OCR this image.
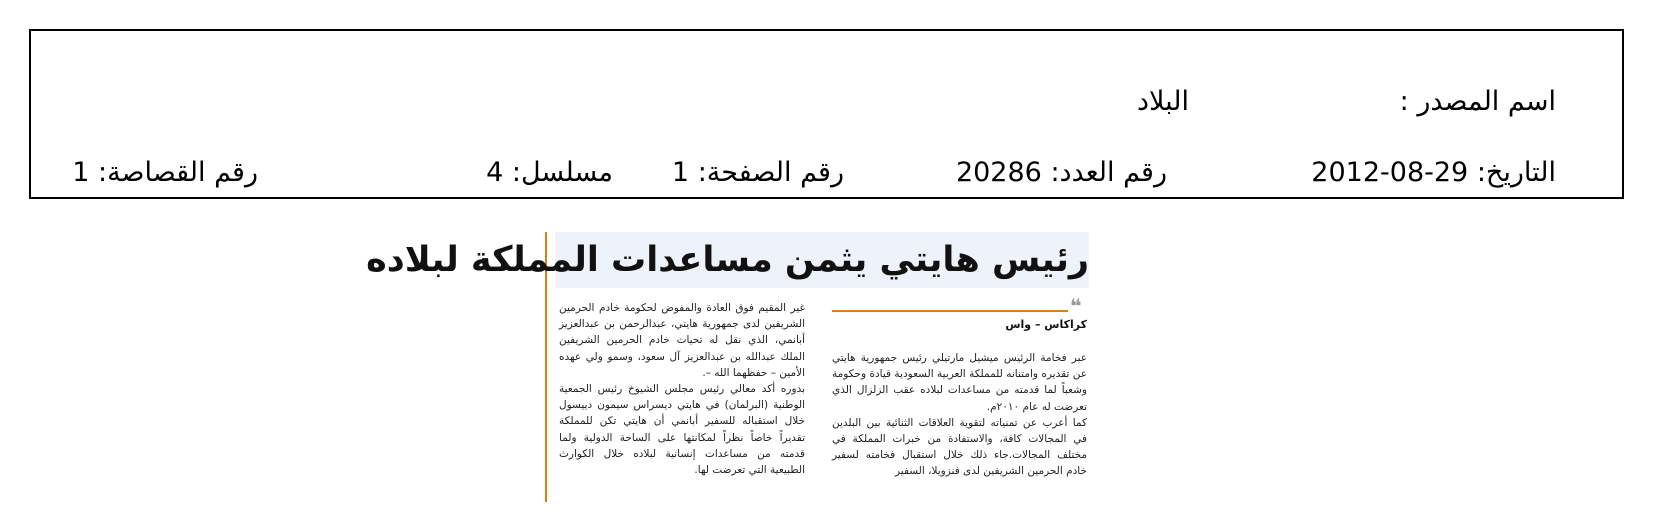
اسم المصدر :
البلاد
التاريخ: 29-08-2012
رقم العدد: 20286
رقم الصفحة: 1
مسلسل: 4
رقم القصاصة: 1
رئيس هايتي يثمن مساعدات المملكة لبلاده
❝
كراكاس – واس

عبر فخامة الرئيس ميشيل مارتيلي رئيس جمهورية هايتي عن تقديره وامتنانه للمملكة العربية السعودية قيادة وحكومة وشعباً لما قدمته من مساعدات لبلاده عقب الزلزال الذي تعرضت له عام ٢٠١٠م.

كما أعرب عن تمنياته لتقوية العلاقات الثنائية بين البلدين في المجالات كافة، والاستفادة من خبرات المملكة في مختلف المجالات.جاء ذلك خلال استقبال فخامته لسفير خادم الحرمين الشريفين لدى فنزويلا، السفير

غير المقيم فوق العادة والمفوض لحكومة خادم الحرمين الشريفين لدى جمهورية هايتي، عبدالرحمن بن عبدالعزيز أبانمي، الذي نقل له تحيات خادم الحرمين الشريفين الملك عبدالله بن عبدالعزيز آل سعود، وسمو ولي عهده الأمين – حفظهما الله –.

بدوره أكد معالي رئيس مجلس الشيوخ رئيس الجمعية الوطنية (البرلمان) في هايتي ديسراس سيمون دييسول خلال استقباله للسفير أبانمي أن هايتي تكن للمملكة تقديراً خاصاً نظراً لمكانتها على الساحة الدولية ولما قدمته من مساعدات إنسانية لبلاده خلال الكوارث الطبيعية التي تعرضت لها.
